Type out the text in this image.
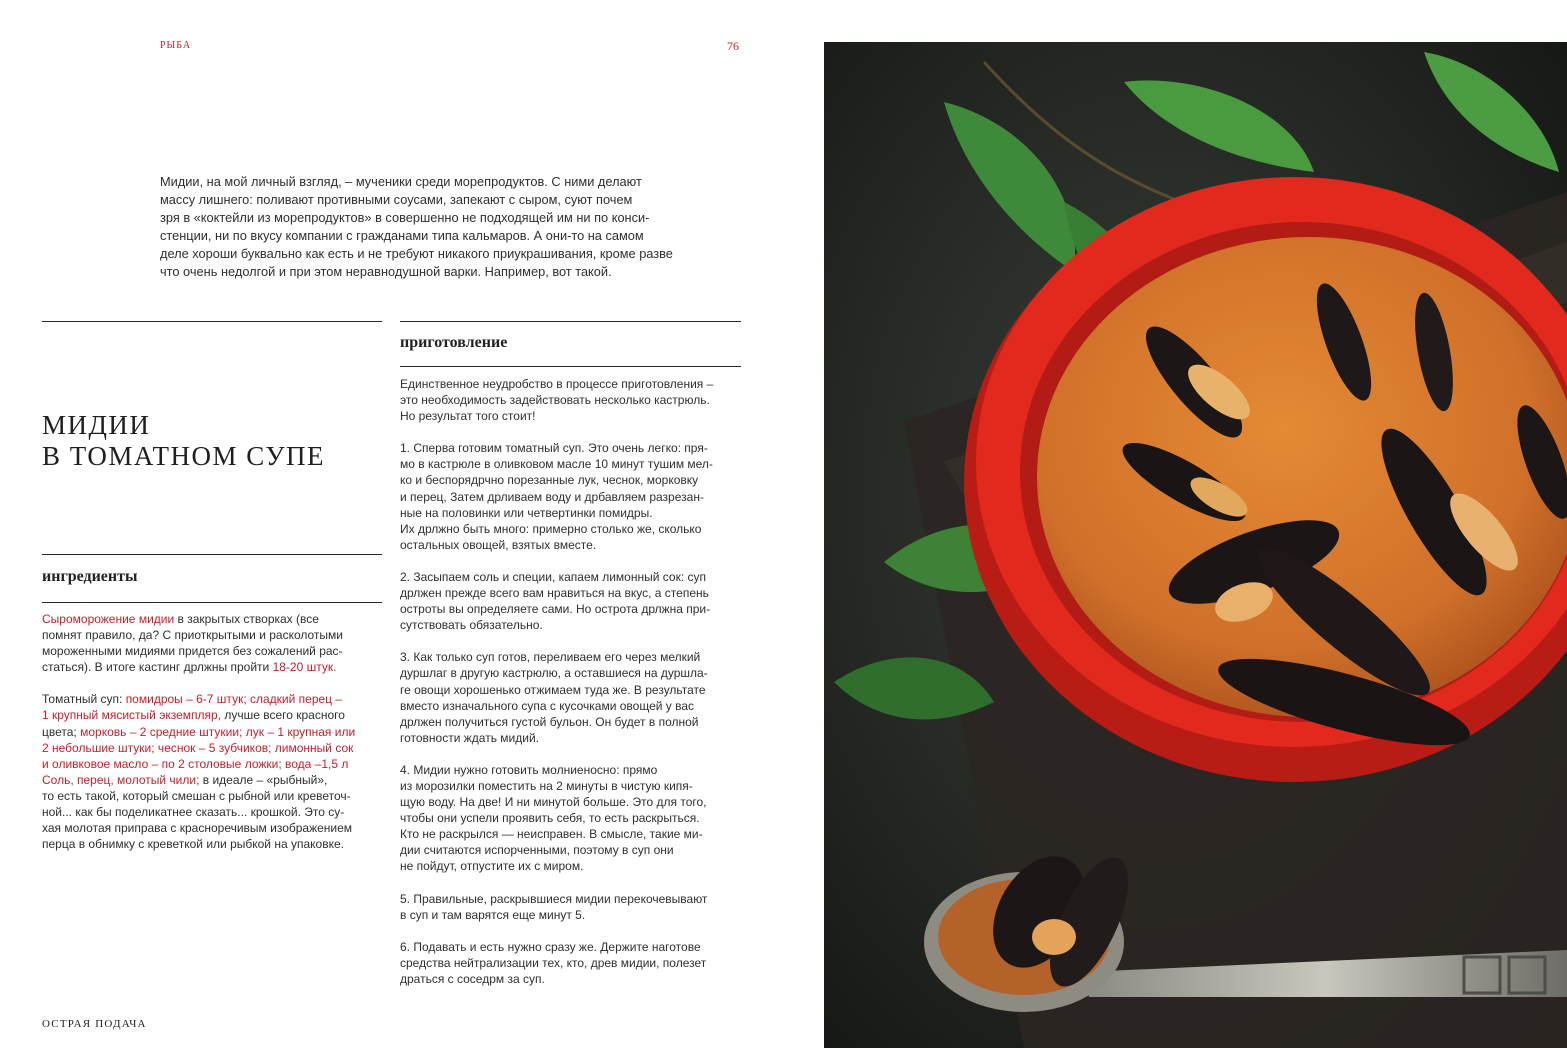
РЫБА	76
Мидии, на мой личный взгляд, – мученики среди морепродуктов. С ними делают
массу лишнего: поливают противными соусами, запекают с сыром, суют почем
зря в «коктейли из морепродуктов» в совершенно не подходящей им ни по конси-
стенции, ни по вкусу компании с гражданами типа кальмаров. А они-то на самом
деле хороши буквально как есть и не требуют никакого приукрашивания, кроме разве
что очень недолгой и при этом неравнодушной варки. Например, вот такой.
МИДИИ
В ТОМАТНОМ СУПЕ
ингредиенты
Сыроморожение мидии в закрытых створках (все
помнят правило, да? С приоткрытыми и расколотыми
мороженными мидиями придется без сожалений рас-
статься). В итоге кастинг дрлжны пройти 18-20 штук.
Томатный суп: помидроы – 6-7 штук; сладкий перец –
1 крупный мясистый экземпляр, лучше всего красного
цвета; морковь – 2 средние штукии; лук – 1 крупная или
2 небольшие штуки; чеснок – 5 зубчиков; лимонный сок
и оливковое масло – по 2 столовые ложки; вода –1,5 л
Соль, перец, молотый чили; в идеале – «рыбный»,
то есть такой, который смешан с рыбной или креветоч-
ной... как бы поделикатнее сказать... крошкой. Это су-
хая молотая приправа с красноречивым изображением
перца в обнимку с креветкой или рыбкой на упаковке.
приготовление
Единственное неудробство в процессе приготовления –
это необходимость задействовать несколько кастрюль.
Но результат того стоит!
1. Сперва готовим томатный суп. Это очень легко: пря-
мо в кастрюле в оливковом масле 10 минут тушим мел-
ко и беспорядрчно порезанные лук, чеснок, морковку
и перец, Затем дрливаем воду и дрбавляем разрезан-
ные на половинки или четвертинки помидры.
Их дрлжно быть много: примерно столько же, сколько
остальных овощей, взятых вместе.
2. Засыпаем соль и специи, капаем лимонный сок: суп
дрлжен прежде всего вам нравиться на вкус, а степень
остроты вы определяете сами. Но острота дрлжна при-
сутствовать обязательно.
3. Как только суп готов, переливаем его через мелкий
дуршлаг в другую кастрюлю, а оставшиеся на дуршла-
ге овощи хорошенько отжимаем туда же. В результате
вместо изначального супа с кусочками овощей у вас
дрлжен получиться густой бульон. Он будет в полной
готовности ждать мидий.
4. Мидии нужно готовить молниеносно: прямо
из морозилки поместить на 2 минуты в чистую кипя-
щую воду. На две! И ни минутой больше. Это для того,
чтобы они успели проявить себя, то есть раскрыться.
Кто не раскрылся — неисправен. В смысле, такие ми-
дии считаются испорченными, поэтому в суп они
не пойдут, отпустите их с миром.
5. Правильные, раскрывшиеся мидии перекочевывают
в суп и там варятся еще минут 5.
6. Подавать и есть нужно сразу же. Держите наготове
средства нейтрализации тех, кто, древ мидии, полезет
драться с соседрм за суп.
ОСТРАЯ ПОДАЧА
